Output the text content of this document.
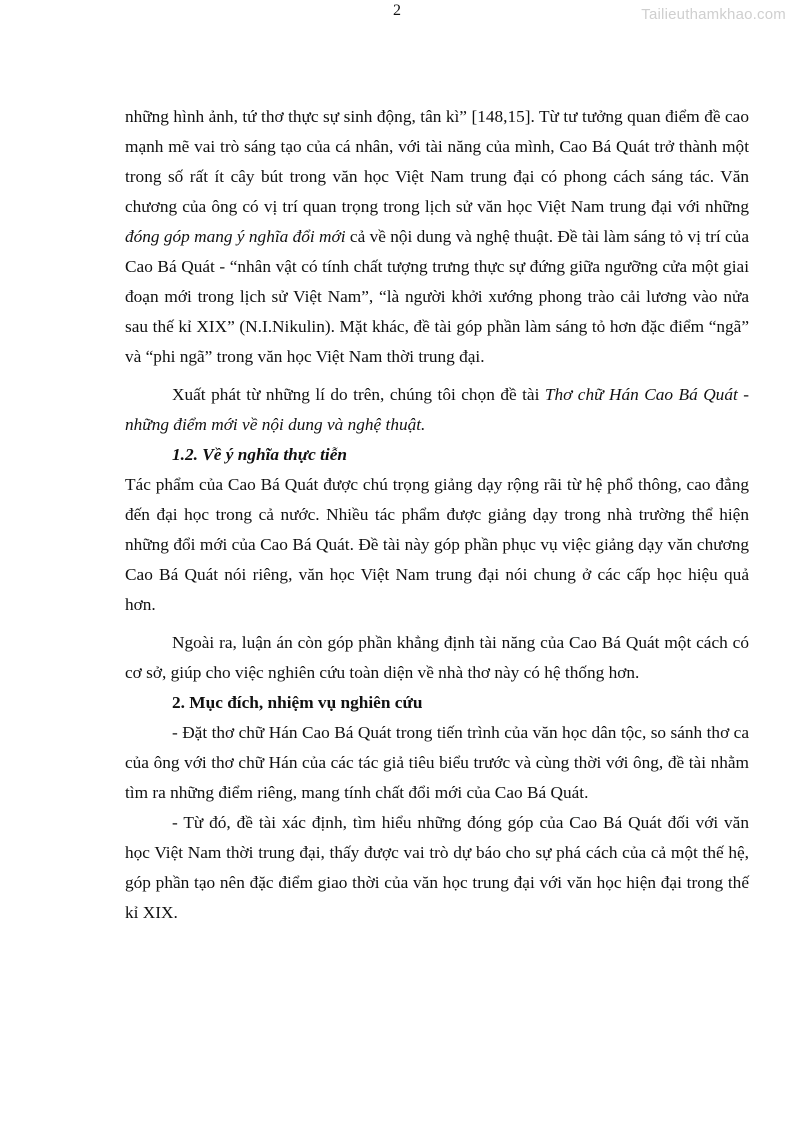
2	Tailieuthamkhao.com

những hình ảnh, tứ thơ thực sự sinh động, tân kì” [148,15]. Từ tư tưởng quan điểm đề cao mạnh mẽ vai trò sáng tạo của cá nhân, với tài năng của mình, Cao Bá Quát trở thành một trong số rất ít cây bút trong văn học Việt Nam trung đại có phong cách sáng tác. Văn chương của ông có vị trí quan trọng trong lịch sử văn học Việt Nam trung đại với những đóng góp mang ý nghĩa đổi mới cả về nội dung và nghệ thuật. Đề tài làm sáng tỏ vị trí của Cao Bá Quát - “nhân vật có tính chất tượng trưng thực sự đứng giữa ngưỡng cửa một giai đoạn mới trong lịch sử Việt Nam”, “là người khởi xướng phong trào cải lương vào nửa sau thế kỉ XIX” (N.I.Nikulin). Mặt khác, đề tài góp phần làm sáng tỏ hơn đặc điểm “ngã” và “phi ngã” trong văn học Việt Nam thời trung đại.

Xuất phát từ những lí do trên, chúng tôi chọn đề tài Thơ chữ Hán Cao Bá Quát - những điểm mới về nội dung và nghệ thuật.

1.2. Về ý nghĩa thực tiễn

Tác phẩm của Cao Bá Quát được chú trọng giảng dạy rộng rãi từ hệ phổ thông, cao đẳng đến đại học trong cả nước. Nhiều tác phẩm được giảng dạy trong nhà trường thể hiện những đổi mới của Cao Bá Quát. Đề tài này góp phần phục vụ việc giảng dạy văn chương Cao Bá Quát nói riêng, văn học Việt Nam trung đại nói chung ở các cấp học hiệu quả hơn.

Ngoài ra, luận án còn góp phần khẳng định tài năng của Cao Bá Quát một cách có cơ sở, giúp cho việc nghiên cứu toàn diện về nhà thơ này có hệ thống hơn.

2. Mục đích, nhiệm vụ nghiên cứu

- Đặt thơ chữ Hán Cao Bá Quát trong tiến trình của văn học dân tộc, so sánh thơ ca của ông với thơ chữ Hán của các tác giả tiêu biểu trước và cùng thời với ông, đề tài nhằm tìm ra những điểm riêng, mang tính chất đổi mới của Cao Bá Quát.

- Từ đó, đề tài xác định, tìm hiểu những đóng góp của Cao Bá Quát đối với văn học Việt Nam thời trung đại, thấy được vai trò dự báo cho sự phá cách của cả một thế hệ, góp phần tạo nên đặc điểm giao thời của văn học trung đại với văn học hiện đại trong thế kỉ XIX.
